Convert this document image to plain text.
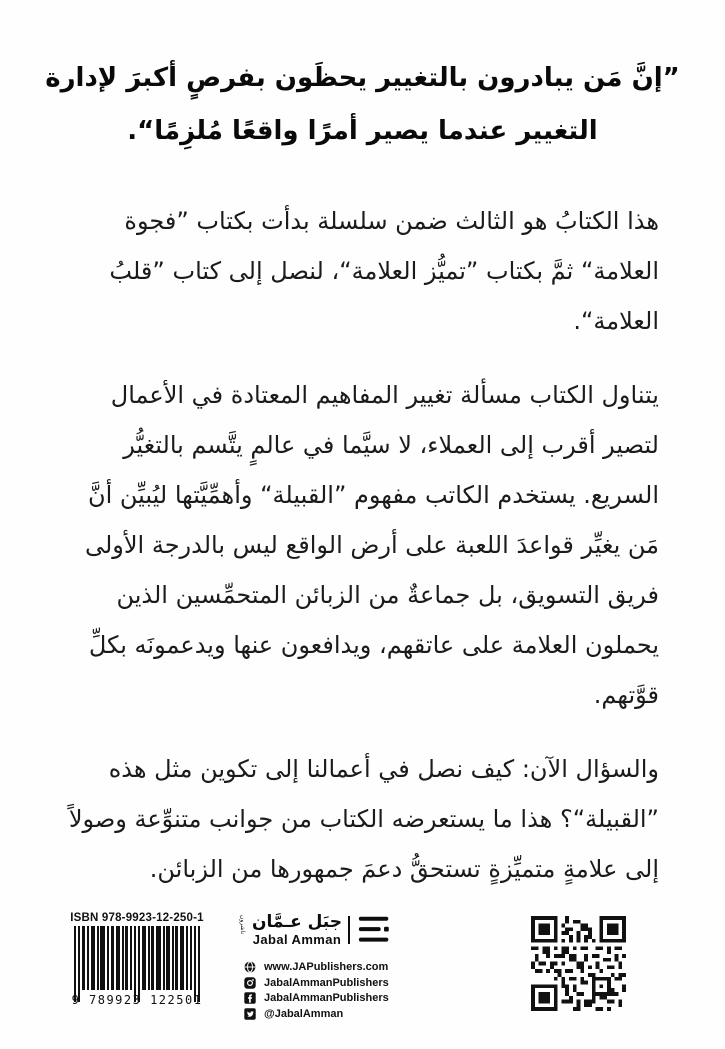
”إنَّ مَن يبادرون بالتغيير يحظَون بفرصٍ أكبرَ لإدارة
التغيير عندما يصير أمرًا واقعًا مُلزِمًا“.

هذا الكتابُ هو الثالث ضمن سلسلة بدأت بكتاب ”فجوة العلامة“ ثمَّ بكتاب ”تميُّز العلامة“، لنصل إلى كتاب ”قلبُ العلامة“.

يتناول الكتاب مسألة تغيير المفاهيم المعتادة في الأعمال لتصير أقرب إلى العملاء، لا سيَّما في عالمٍ يتَّسم بالتغيُّر السريع. يستخدم الكاتب مفهوم ”القبيلة“ وأهمِّيَّتها ليُبيِّن أنَّ مَن يغيِّر قواعدَ اللعبة على أرض الواقع ليس بالدرجة الأولى فريق التسويق، بل جماعةٌ من الزبائن المتحمِّسين الذين يحملون العلامة على عاتقهم، ويدافعون عنها ويدعمونَه بكلِّ قوَّتهم.

والسؤال الآن: كيف نصل في أعمالنا إلى تكوين مثل هذه ”القبيلة“؟ هذا ما يستعرضه الكتاب من جوانب متنوِّعة وصولاً إلى علامةٍ متميِّزةٍ تستحقُّ دعمَ جمهورها من الزبائن.

ISBN 978-9923-12-250-1
9 789923 122501
ناشرون جبَل عـمَّان
Jabal Amman
www.JAPublishers.com
JabalAmmanPublishers
JabalAmmanPublishers
@JabalAmman
